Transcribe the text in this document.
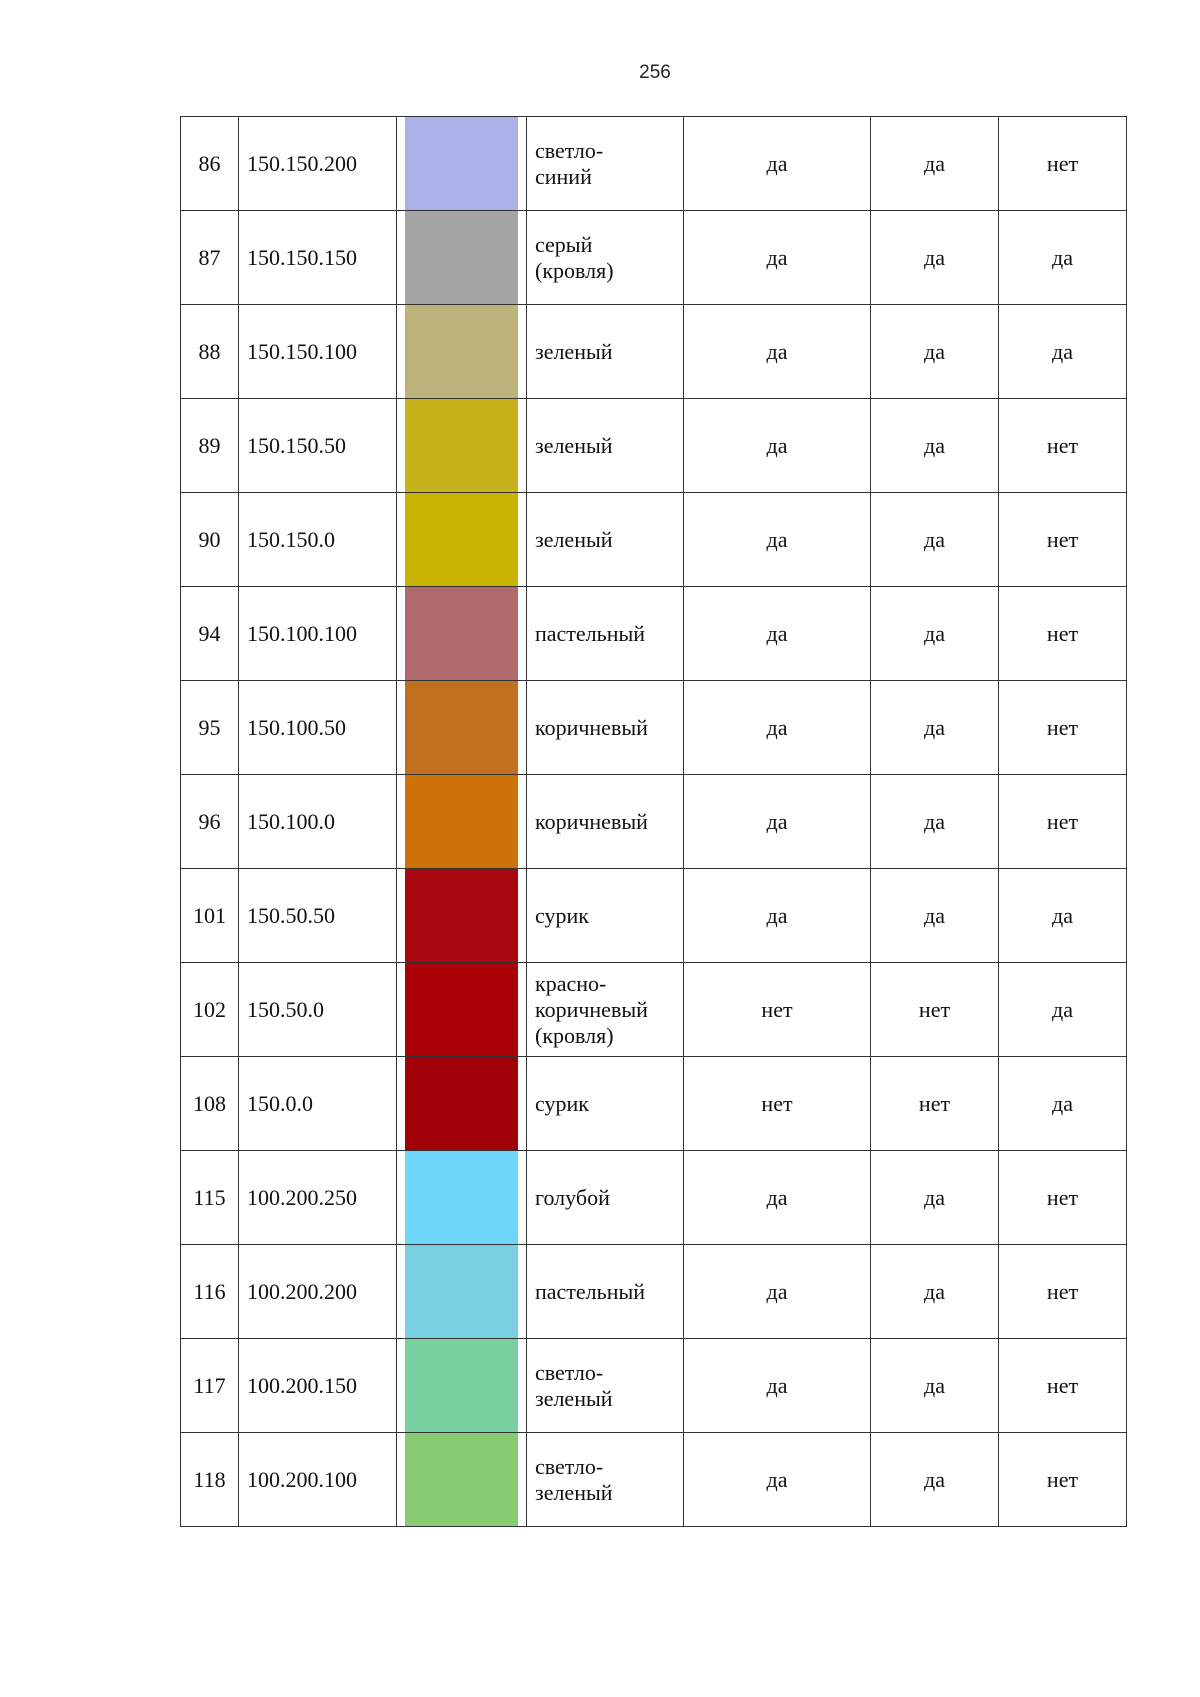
256
86	150.150.200		светло-
синий	да	да	нет
87	150.150.150		серый
(кровля)	да	да	да
88	150.150.100		зеленый	да	да	да
89	150.150.50		зеленый	да	да	нет
90	150.150.0		зеленый	да	да	нет
94	150.100.100		пастельный	да	да	нет
95	150.100.50		коричневый	да	да	нет
96	150.100.0		коричневый	да	да	нет
101	150.50.50		сурик	да	да	да
102	150.50.0		красно-
коричневый
(кровля)	нет	нет	да
108	150.0.0		сурик	нет	нет	да
115	100.200.250		голубой	да	да	нет
116	100.200.200		пастельный	да	да	нет
117	100.200.150		светло-
зеленый	да	да	нет
118	100.200.100		светло-
зеленый	да	да	нет
